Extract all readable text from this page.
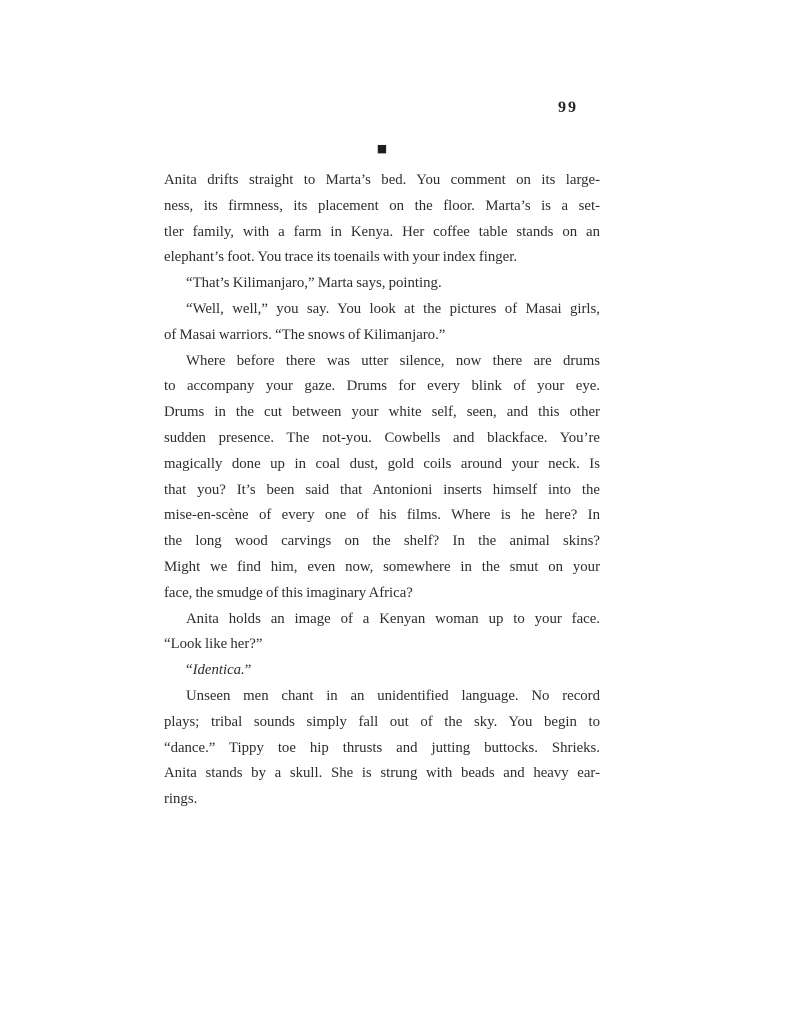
99
■
Anita drifts straight to Marta’s bed. You comment on its large-
ness, its firmness, its placement on the floor. Marta’s is a set-
tler family, with a farm in Kenya. Her coffee table stands on an
elephant’s foot. You trace its toenails with your index finger.
“That’s Kilimanjaro,” Marta says, pointing.
“Well, well,” you say. You look at the pictures of Masai girls,
of Masai warriors. “The snows of Kilimanjaro.”
Where before there was utter silence, now there are drums
to accompany your gaze. Drums for every blink of your eye.
Drums in the cut between your white self, seen, and this other
sudden presence. The not-you. Cowbells and blackface. You’re
magically done up in coal dust, gold coils around your neck. Is
that you? It’s been said that Antonioni inserts himself into the
mise-en-scène of every one of his films. Where is he here? In
the long wood carvings on the shelf? In the animal skins?
Might we find him, even now, somewhere in the smut on your
face, the smudge of this imaginary Africa?
Anita holds an image of a Kenyan woman up to your face.
“Look like her?”
“Identica.”
Unseen men chant in an unidentified language. No record
plays; tribal sounds simply fall out of the sky. You begin to
“dance.” Tippy toe hip thrusts and jutting buttocks. Shrieks.
Anita stands by a skull. She is strung with beads and heavy ear-
rings.
